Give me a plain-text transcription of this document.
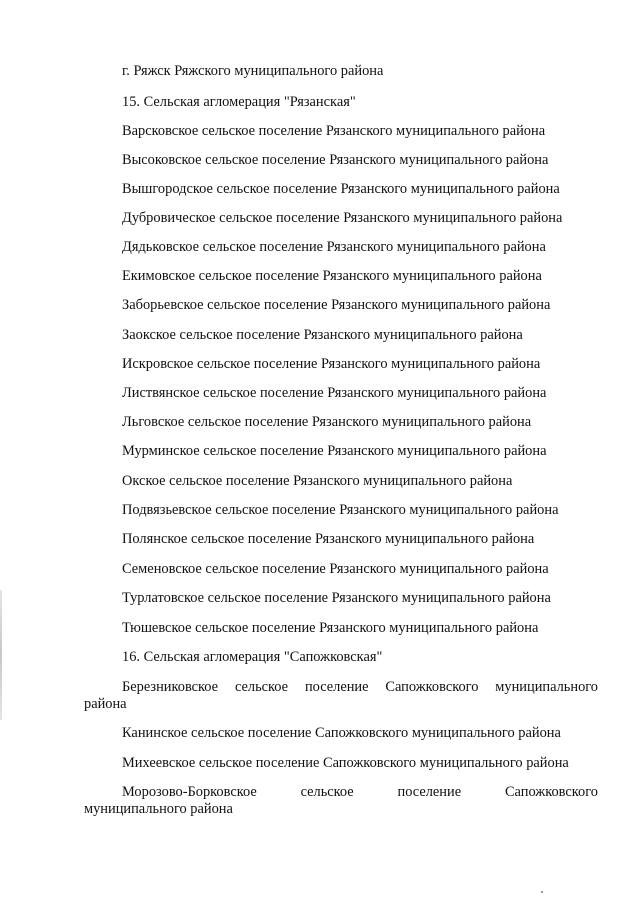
г. Ряжск Ряжского муниципального района
15. Сельская агломерация "Рязанская"
Варсковское сельское поселение Рязанского муниципального района
Высоковское сельское поселение Рязанского муниципального района
Вышгородское сельское поселение Рязанского муниципального района
Дубровическое сельское поселение Рязанского муниципального района
Дядьковское сельское поселение Рязанского муниципального района
Екимовское сельское поселение Рязанского муниципального района
Заборьевское сельское поселение Рязанского муниципального района
Заокское сельское поселение Рязанского муниципального района
Искровское сельское поселение Рязанского муниципального района
Листвянское сельское поселение Рязанского муниципального района
Льговское сельское поселение Рязанского муниципального района
Мурминское сельское поселение Рязанского муниципального района
Окское сельское поселение Рязанского муниципального района
Подвязьевское сельское поселение Рязанского муниципального района
Полянское сельское поселение Рязанского муниципального района
Семеновское сельское поселение Рязанского муниципального района
Турлатовское сельское поселение Рязанского муниципального района
Тюшевское сельское поселение Рязанского муниципального района
16. Сельская агломерация "Сапожковская"
Березниковское сельское поселение Сапожковского муниципального
района
Канинское сельское поселение Сапожковского муниципального района
Михеевское сельское поселение Сапожковского муниципального района
Морозово-Борковское	сельское	поселение	Сапожковского
муниципального района
